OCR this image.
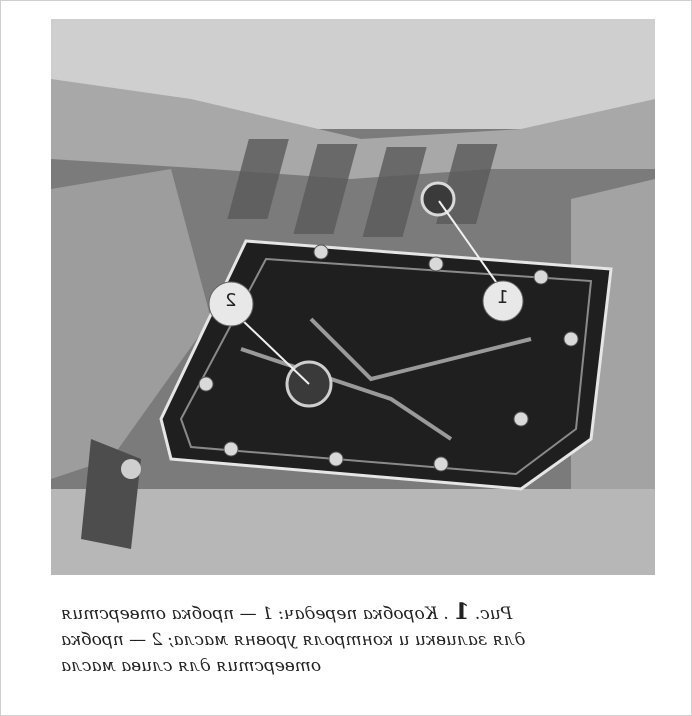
1
2
Рис. 1 . Коробка передач: 1 — пробка отверстия
для заливки и контроля уровня масла; 2 — пробка
отверстия для слива масла
